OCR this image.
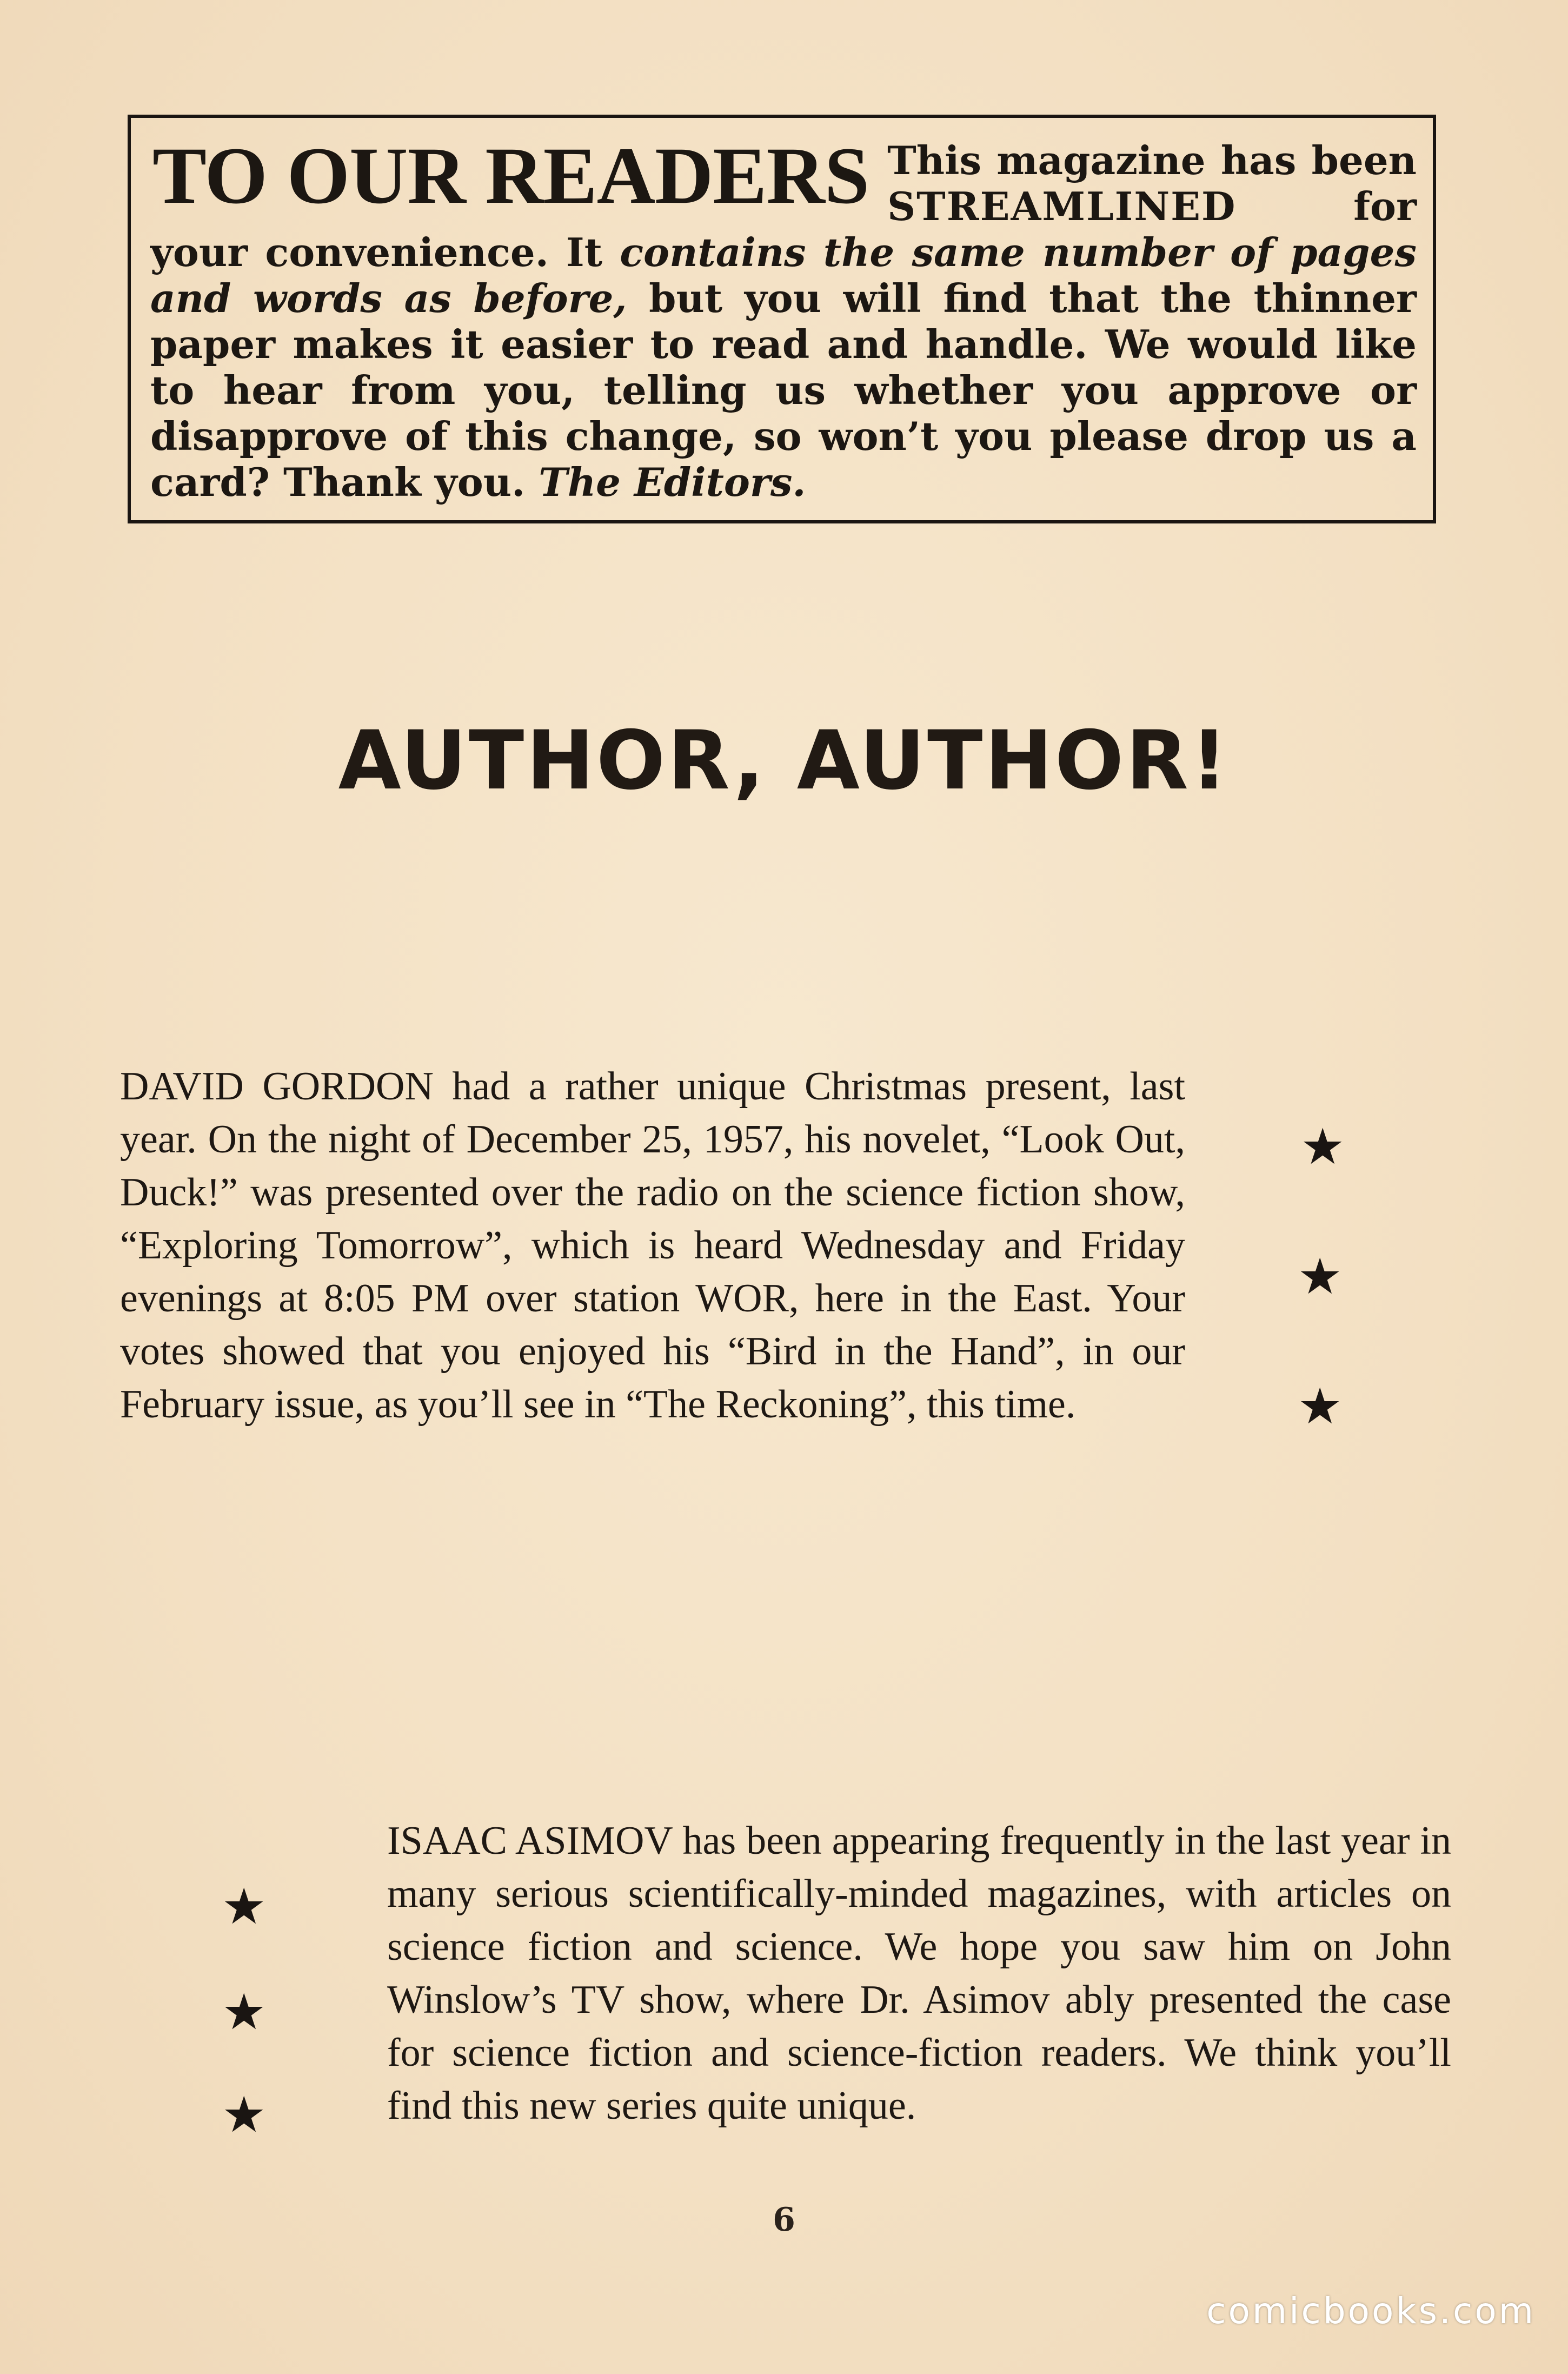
TO OUR READERS This magazine has been STREAMLINED for your convenience. It contains the same number of pages and words as before, but you will find that the thinner paper makes it easier to read and handle. We would like to hear from you, telling us whether you approve or disapprove of this change, so won’t you please drop us a card? Thank you. The Editors.
AUTHOR, AUTHOR!
DAVID GORDON had a rather unique Christmas present, last year. On the night of December 25, 1957, his novelet, “Look Out, Duck!” was presented over the radio on the science fiction show, “Exploring Tomorrow”, which is heard Wednesday and Friday evenings at 8:05 PM over station WOR, here in the East. Your votes showed that you enjoyed his “Bird in the Hand”, in our February issue, as you’ll see in “The Reckoning”, this time.
★
★
★
ISAAC ASIMOV has been appearing frequently in the last year in many serious scientifically-minded magazines, with articles on science fiction and science. We hope you saw him on John Winslow’s TV show, where Dr. Asimov ably presented the case for science fiction and science-fiction readers. We think you’ll find this new series quite unique.
★
★
★
6
comicbooks.com
